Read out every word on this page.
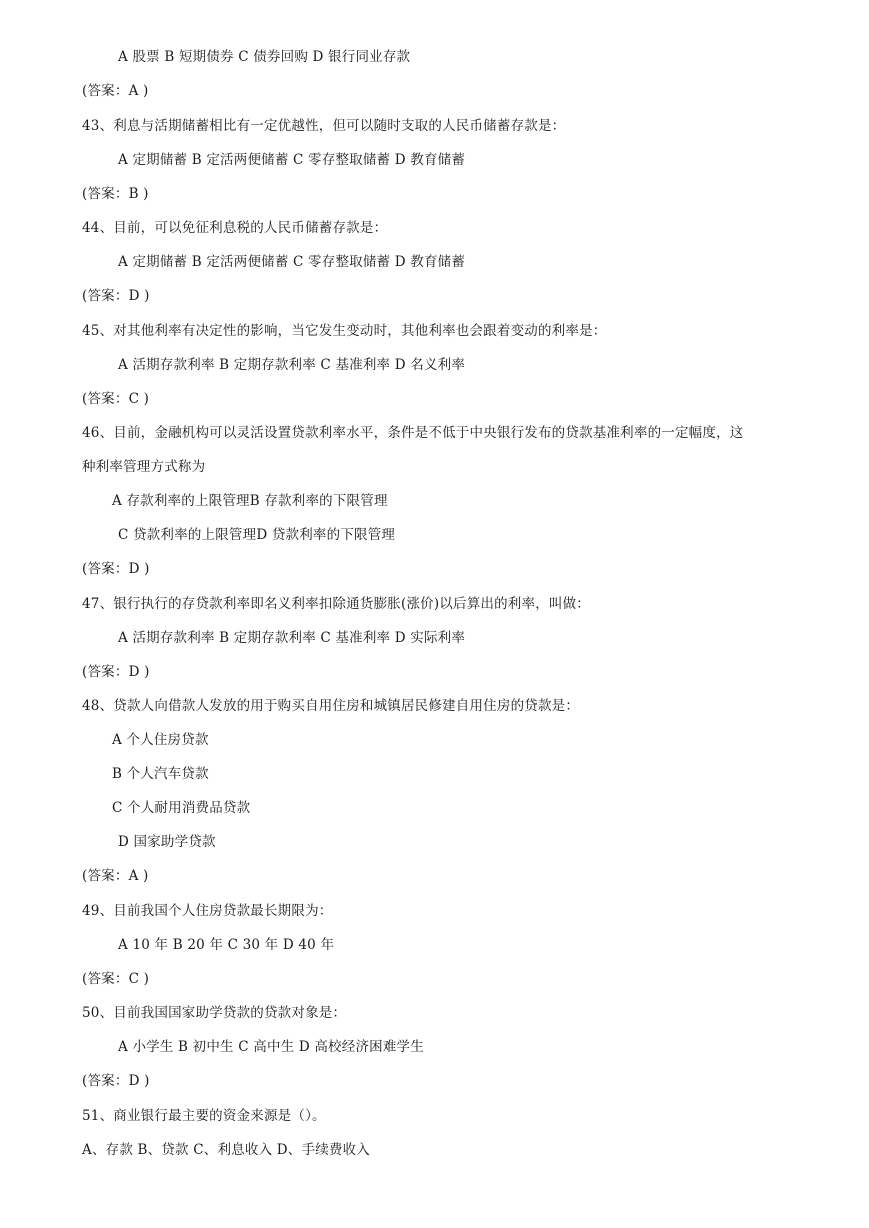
A 股票 B 短期债券 C 债券回购 D 银行同业存款
(答案：A )
43、利息与活期储蓄相比有一定优越性，但可以随时支取的人民币储蓄存款是：
A 定期储蓄 B 定活两便储蓄 C 零存整取储蓄 D 教育储蓄
(答案：B )
44、目前，可以免征利息税的人民币储蓄存款是：
A 定期储蓄 B 定活两便储蓄 C 零存整取储蓄 D 教育储蓄
(答案：D )
45、对其他利率有决定性的影响，当它发生变动时，其他利率也会跟着变动的利率是：
A 活期存款利率 B 定期存款利率 C 基准利率 D 名义利率
(答案：C )
46、目前，金融机构可以灵活设置贷款利率水平，条件是不低于中央银行发布的贷款基准利率的一定幅度，这
种利率管理方式称为
A 存款利率的上限管理B 存款利率的下限管理
C 贷款利率的上限管理D 贷款利率的下限管理
(答案：D )
47、银行执行的存贷款利率即名义利率扣除通货膨胀(涨价)以后算出的利率，叫做：
A 活期存款利率 B 定期存款利率 C 基准利率 D 实际利率
(答案：D )
48、贷款人向借款人发放的用于购买自用住房和城镇居民修建自用住房的贷款是：
A 个人住房贷款
B 个人汽车贷款
C 个人耐用消费品贷款
D 国家助学贷款
(答案：A )
49、目前我国个人住房贷款最长期限为：
A 10 年 B 20 年 C 30 年 D 40 年
(答案：C )
50、目前我国国家助学贷款的贷款对象是：
A 小学生 B 初中生 C 高中生 D 高校经济困难学生
(答案：D )
51、商业银行最主要的资金来源是（）。
A、存款 B、贷款 C、利息收入 D、手续费收入
